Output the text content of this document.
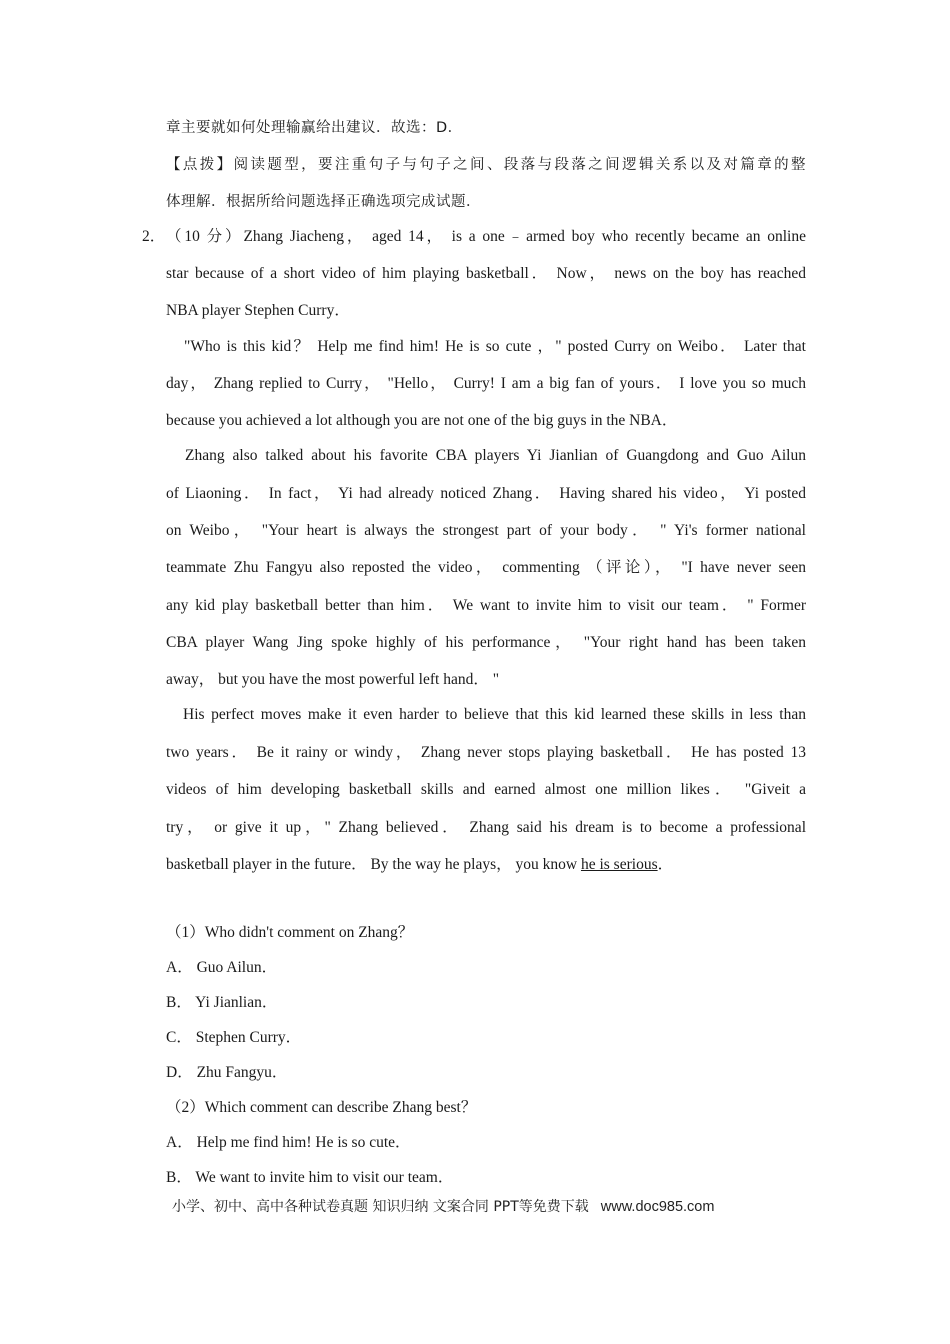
章主要就如何处理输赢给出建议．故选：D．
【点拨】阅读题型，要注重句子与句子之间、段落与段落之间逻辑关系以及对篇章的整
体理解．根据所给问题选择正确选项完成试题．
2． （10 分）Zhang Jiacheng， aged 14， is a one﹣armed boy who recently became an online
star because of a short video of him playing basketball． Now， news on the boy has reached
NBA player Stephen Curry．
"Who is this kid？ Help me find him! He is so cute ，" posted Curry on Weibo． Later that
day， Zhang replied to Curry， "Hello， Curry! I am a big fan of yours． I love you so much
because you achieved a lot although you are not one of the big guys in the NBA．
Zhang also talked about his favorite CBA players Yi Jianlian of Guangdong and Guo Ailun
of Liaoning． In fact， Yi had already noticed Zhang． Having shared his video， Yi posted
on Weibo， "Your heart is always the strongest part of your body． " Yi's former national
teammate Zhu Fangyu also reposted the video， commenting （评论）， "I have never seen
any kid play basketball better than him． We want to invite him to visit our team． " Former
CBA player Wang Jing spoke highly of his performance， "Your right hand has been taken
away， but you have the most powerful left hand． "
His perfect moves make it even harder to believe that this kid learned these skills in less than
two years． Be it rainy or windy， Zhang never stops playing basketball． He has posted 13
videos of him developing basketball skills and earned almost one million likes． "Giveit a
try， or give it up，" Zhang believed． Zhang said his dream is to become a professional
basketball player in the future． By the way he plays， you know he is serious．
（1）Who didn't comment on Zhang？
A． Guo Ailun．
B． Yi Jianlian．
C． Stephen Curry．
D． Zhu Fangyu．
（2）Which comment can describe Zhang best？
A． Help me find him! He is so cute．
B． We want to invite him to visit our team．
小学、初中、高中各种试卷真题 知识归纳 文案合同 PPT等免费下载 www.doc985.com
